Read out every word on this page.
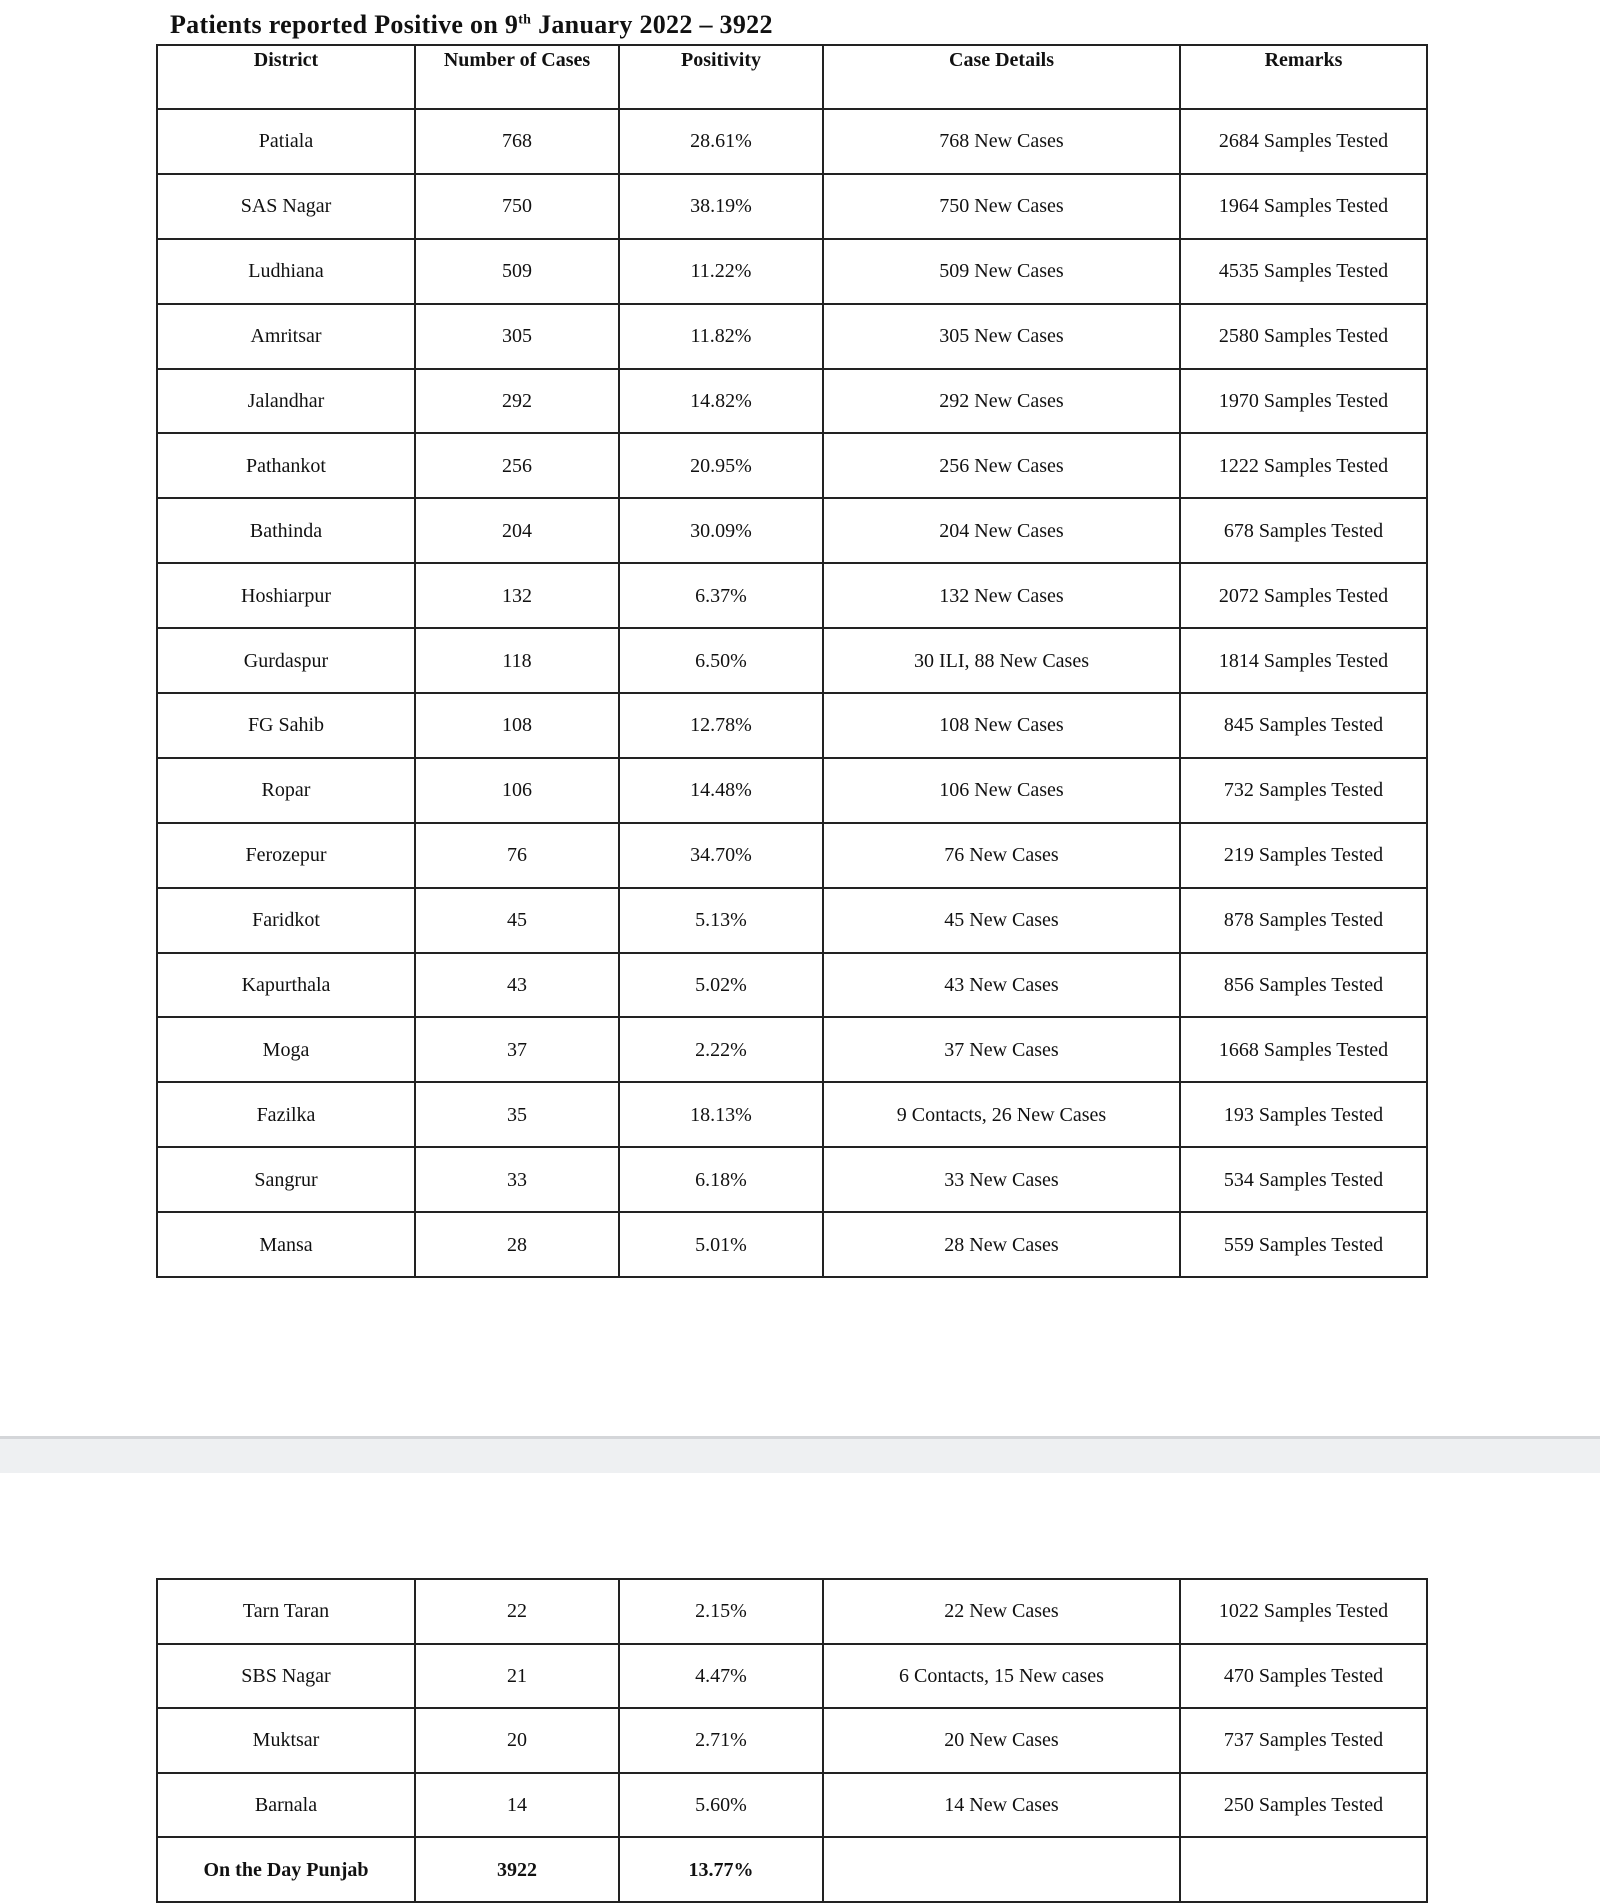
Patients reported Positive on 9th January 2022 – 3922
District	Number of Cases	Positivity	Case Details	Remarks
Patiala	768	28.61%	768 New Cases	2684 Samples Tested
SAS Nagar	750	38.19%	750 New Cases	1964 Samples Tested
Ludhiana	509	11.22%	509 New Cases	4535 Samples Tested
Amritsar	305	11.82%	305 New Cases	2580 Samples Tested
Jalandhar	292	14.82%	292 New Cases	1970 Samples Tested
Pathankot	256	20.95%	256 New Cases	1222 Samples Tested
Bathinda	204	30.09%	204 New Cases	678 Samples Tested
Hoshiarpur	132	6.37%	132 New Cases	2072 Samples Tested
Gurdaspur	118	6.50%	30 ILI, 88 New Cases	1814 Samples Tested
FG Sahib	108	12.78%	108 New Cases	845 Samples Tested
Ropar	106	14.48%	106 New Cases	732 Samples Tested
Ferozepur	76	34.70%	76 New Cases	219 Samples Tested
Faridkot	45	5.13%	45 New Cases	878 Samples Tested
Kapurthala	43	5.02%	43 New Cases	856 Samples Tested
Moga	37	2.22%	37 New Cases	1668 Samples Tested
Fazilka	35	18.13%	9 Contacts, 26 New Cases	193 Samples Tested
Sangrur	33	6.18%	33 New Cases	534 Samples Tested
Mansa	28	5.01%	28 New Cases	559 Samples Tested
Tarn Taran	22	2.15%	22 New Cases	1022 Samples Tested
SBS Nagar	21	4.47%	6 Contacts, 15 New cases	470 Samples Tested
Muktsar	20	2.71%	20 New Cases	737 Samples Tested
Barnala	14	5.60%	14 New Cases	250 Samples Tested
On the Day Punjab	3922	13.77%		
